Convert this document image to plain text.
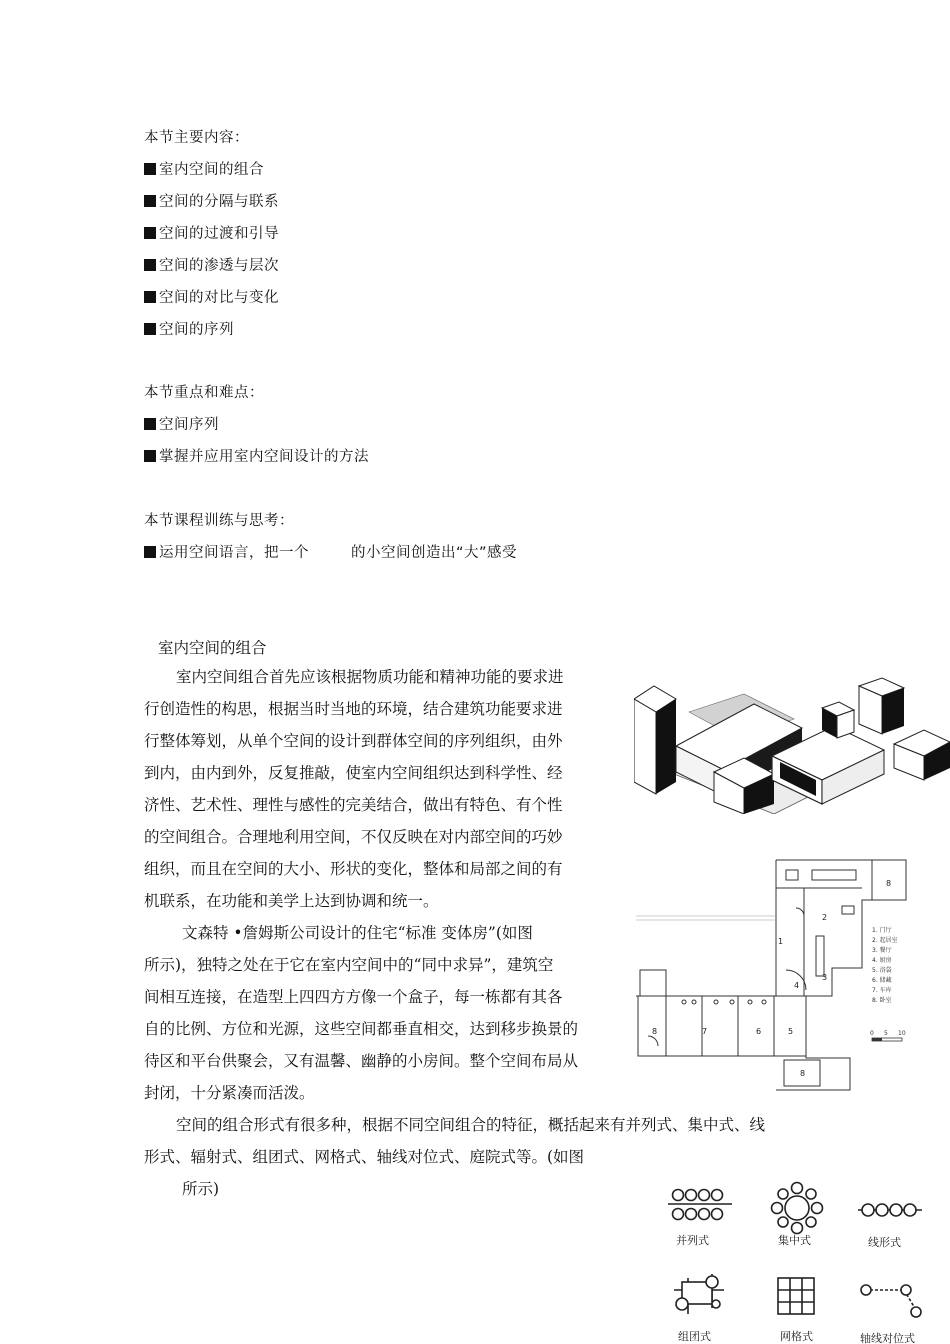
本节主要内容：
室内空间的组合
空间的分隔与联系
空间的过渡和引导
空间的渗透与层次
空间的对比与变化
空间的序列
本节重点和难点：
空间序列
掌握并应用室内空间设计的方法
本节课程训练与思考：
运用空间语言，把一个	的小空间创造出“大”感受
室内空间的组合
室内空间组合首先应该根据物质功能和精神功能的要求进
行创造性的构思，根据当时当地的环境，结合建筑功能要求进
行整体筹划，从单个空间的设计到群体空间的序列组织，由外
到内，由内到外，反复推敲，使室内空间组织达到科学性、经
济性、艺术性、理性与感性的完美结合，做出有特色、有个性
的空间组合。合理地利用空间，不仅反映在对内部空间的巧妙
组织，而且在空间的大小、形状的变化，整体和局部之间的有
机联系，在功能和美学上达到协调和统一。
文森特 •詹姆斯公司设计的住宅“标准 变体房”(如图
所示)，独特之处在于它在室内空间中的“同中求异”，建筑空
间相互连接，在造型上四四方方像一个盒子，每一栋都有其各
自的比例、方位和光源，这些空间都垂直相交，达到移步换景的
待区和平台供聚会，又有温馨、幽静的小房间。整个空间布局从
封闭，十分紧凑而活泼。
空间的组合形式有很多种，根据不同空间组合的特征，概括起来有并列式、集中式、线
形式、辐射式、组团式、网格式、轴线对位式、庭院式等。(如图
所示)
8
2
1
4
3
7	6	5
8
8
1. 门厅
2. 起居室
3. 餐厅
4. 厨房
5. 浴袋
6. 储藏
7. 车库
8. 卧室
0 5 10
并列式	集中式	线形式
组团式	网格式	轴线对位式
